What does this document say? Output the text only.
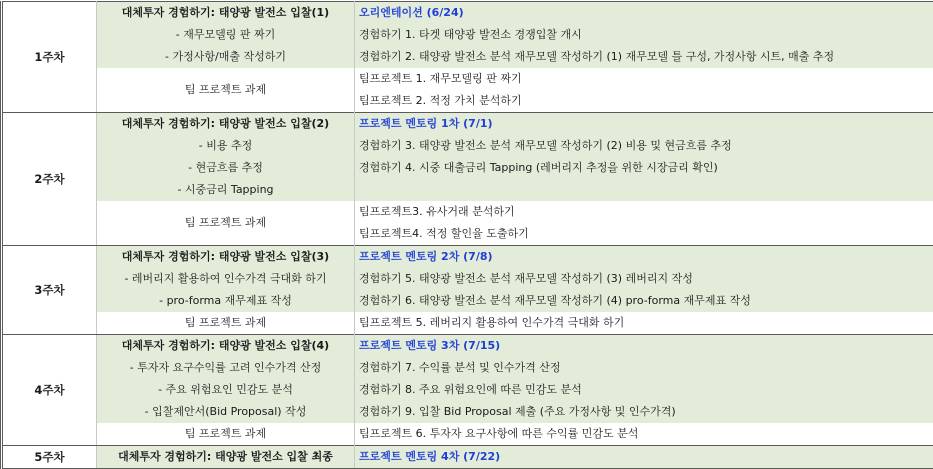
1주차	대체투자 경험하기: 태양광 발전소 입찰(1)	오리엔테이션 (6/24)
	- 재무모델링 판 짜기	경험하기 1. 타겟 태양광 발전소 경쟁입찰 개시
	- 가정사항/매출 작성하기	경험하기 2. 태양광 발전소 분석 재무모델 작성하기 (1) 재무모델 틀 구성, 가정사항 시트, 매출 추정
	팀 프로젝트 과제	팀프로젝트 1. 재무모델링 판 짜기
		팀프로젝트 2. 적정 가치 분석하기
2주차	대체투자 경험하기: 태양광 발전소 입찰(2)	프로젝트 멘토링 1차 (7/1)
	- 비용 추정	경험하기 3. 태양광 발전소 분석 재무모델 작성하기 (2) 비용 및 현금흐름 추정
	- 현금흐름 추정	경험하기 4. 시중 대출금리 Tapping (레버리지 추정을 위한 시장금리 확인)
	- 시중금리 Tapping	
	팀 프로젝트 과제	팀프로젝트3. 유사거래 분석하기
		팀프로젝트4. 적정 할인율 도출하기
3주차	대체투자 경험하기: 태양광 발전소 입찰(3)	프로젝트 멘토링 2차 (7/8)
	- 레버리지 활용하여 인수가격 극대화 하기	경험하기 5. 태양광 발전소 분석 재무모델 작성하기 (3) 레버리지 작성
	- pro-forma 재무제표 작성	경험하기 6. 태양광 발전소 분석 재무모델 작성하기 (4) pro-forma 재무제표 작성
	팀 프로젝트 과제	팀프로젝트 5. 레버리지 활용하여 인수가격 극대화 하기
4주차	대체투자 경험하기: 태양광 발전소 입찰(4)	프로젝트 멘토링 3차 (7/15)
	- 투자자 요구수익률 고려 인수가격 산정	경험하기 7. 수익률 분석 및 인수가격 산정
	- 주요 위험요인 민감도 분석	경험하기 8. 주요 위험요인에 따른 민감도 분석
	- 입찰제안서(Bid Proposal) 작성	경험하기 9. 입찰 Bid Proposal 제출 (주요 가정사항 및 인수가격)
	팀 프로젝트 과제	팀프로젝트 6. 투자자 요구사항에 따른 수익률 민감도 분석
5주차	대체투자 경험하기: 태양광 발전소 입찰 최종	프로젝트 멘토링 4차 (7/22)
